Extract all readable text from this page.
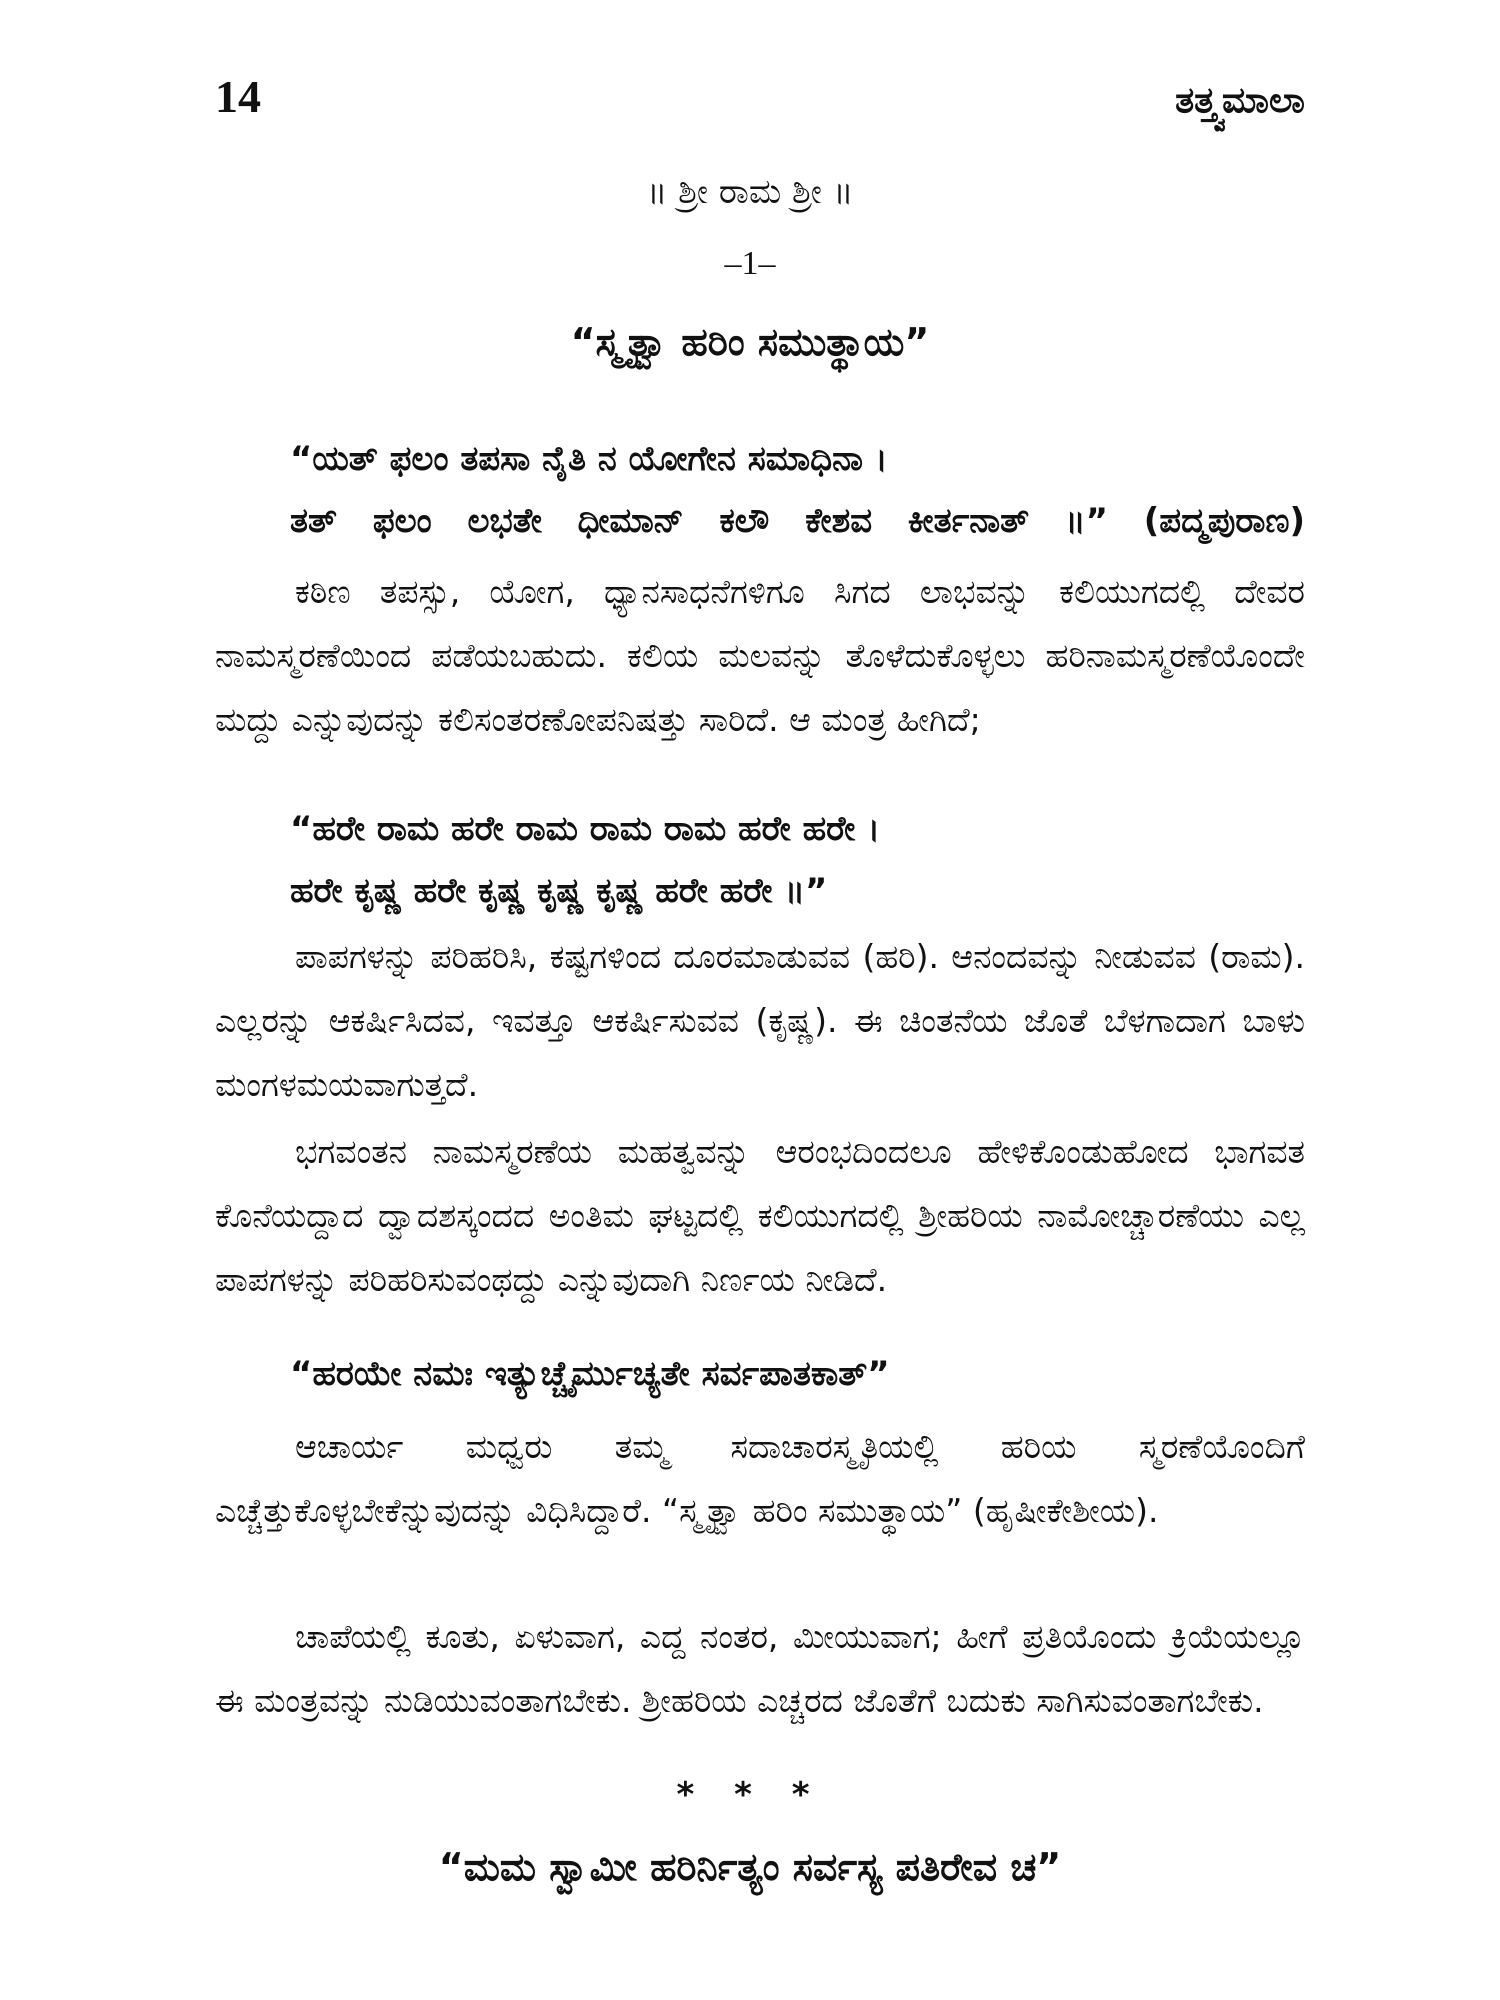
14	ತತ್ತ್ವಮಾಲಾ
॥ ಶ್ರೀ ರಾಮ ಶ್ರೀ ॥
–1–
“ಸ್ಮೃತ್ವಾ ಹರಿಂ ಸಮುತ್ಥಾಯ”
“ಯತ್ ಫಲಂ ತಪಸಾ ನೈತಿ ನ ಯೋಗೇನ ಸಮಾಧಿನಾ ।
ತತ್ ಫಲಂ ಲಭತೇ ಧೀಮಾನ್ ಕಲೌ ಕೇಶವ ಕೀರ್ತನಾತ್ ॥” (ಪದ್ಮಪುರಾಣ)

ಕಠಿಣ ತಪಸ್ಸು, ಯೋಗ, ಧ್ಯಾನಸಾಧನೆಗಳಿಗೂ ಸಿಗದ ಲಾಭವನ್ನು ಕಲಿಯುಗದಲ್ಲಿ ದೇವರ ನಾಮಸ್ಮರಣೆಯಿಂದ ಪಡೆಯಬಹುದು. ಕಲಿಯ ಮಲವನ್ನು ತೊಳೆದುಕೊಳ್ಳಲು ಹರಿನಾಮಸ್ಮರಣೆಯೊಂದೇ ಮದ್ದು ಎನ್ನುವುದನ್ನು ಕಲಿಸಂತರಣೋಪನಿಷತ್ತು ಸಾರಿದೆ. ಆ ಮಂತ್ರ ಹೀಗಿದೆ;

“ಹರೇ ರಾಮ ಹರೇ ರಾಮ ರಾಮ ರಾಮ ಹರೇ ಹರೇ ।
ಹರೇ ಕೃಷ್ಣ ಹರೇ ಕೃಷ್ಣ ಕೃಷ್ಣ ಕೃಷ್ಣ ಹರೇ ಹರೇ ॥”

ಪಾಪಗಳನ್ನು ಪರಿಹರಿಸಿ, ಕಷ್ಟಗಳಿಂದ ದೂರಮಾಡುವವ (ಹರಿ). ಆನಂದವನ್ನು ನೀಡುವವ (ರಾಮ). ಎಲ್ಲರನ್ನು ಆಕರ್ಷಿಸಿದವ, ಇವತ್ತೂ ಆಕರ್ಷಿಸುವವ (ಕೃಷ್ಣ). ಈ ಚಿಂತನೆಯ ಜೊತೆ ಬೆಳಗಾದಾಗ ಬಾಳು ಮಂಗಳಮಯವಾಗುತ್ತದೆ.

ಭಗವಂತನ ನಾಮಸ್ಮರಣೆಯ ಮಹತ್ವವನ್ನು ಆರಂಭದಿಂದಲೂ ಹೇಳಿಕೊಂಡುಹೋದ ಭಾಗವತ ಕೊನೆಯದ್ದಾದ ದ್ವಾದಶಸ್ಕಂದದ ಅಂತಿಮ ಘಟ್ಟದಲ್ಲಿ ಕಲಿಯುಗದಲ್ಲಿ ಶ್ರೀಹರಿಯ ನಾಮೋಚ್ಚಾರಣೆಯು ಎಲ್ಲ ಪಾಪಗಳನ್ನು ಪರಿಹರಿಸುವಂಥದ್ದು ಎನ್ನುವುದಾಗಿ ನಿರ್ಣಯ ನೀಡಿದೆ.

“ಹರಯೇ ನಮಃ ಇತ್ಯುಚ್ಚೈರ್ಮುಚ್ಯತೇ ಸರ್ವಪಾತಕಾತ್”

ಆಚಾರ್ಯ ಮಧ್ವರು ತಮ್ಮ ಸದಾಚಾರಸ್ಮೃತಿಯಲ್ಲಿ ಹರಿಯ ಸ್ಮರಣೆಯೊಂದಿಗೆ ಎಚ್ಚೆತ್ತುಕೊಳ್ಳಬೇಕೆನ್ನುವುದನ್ನು ವಿಧಿಸಿದ್ದಾರೆ. “ಸ್ಮೃತ್ವಾ ಹರಿಂ ಸಮುತ್ಥಾಯ” (ಹೃಷೀಕೇಶೀಯ).

ಚಾಪೆಯಲ್ಲಿ ಕೂತು, ಏಳುವಾಗ, ಎದ್ದ ನಂತರ, ಮೀಯುವಾಗ; ಹೀಗೆ ಪ್ರತಿಯೊಂದು ಕ್ರಿಯೆಯಲ್ಲೂ ಈ ಮಂತ್ರವನ್ನು ನುಡಿಯುವಂತಾಗಬೇಕು. ಶ್ರೀಹರಿಯ ಎಚ್ಚರದ ಜೊತೆಗೆ ಬದುಕು ಸಾಗಿಸುವಂತಾಗಬೇಕು.

* * *
“ಮಮ ಸ್ವಾಮೀ ಹರಿರ್ನಿತ್ಯಂ ಸರ್ವಸ್ಯ ಪತಿರೇವ ಚ”
